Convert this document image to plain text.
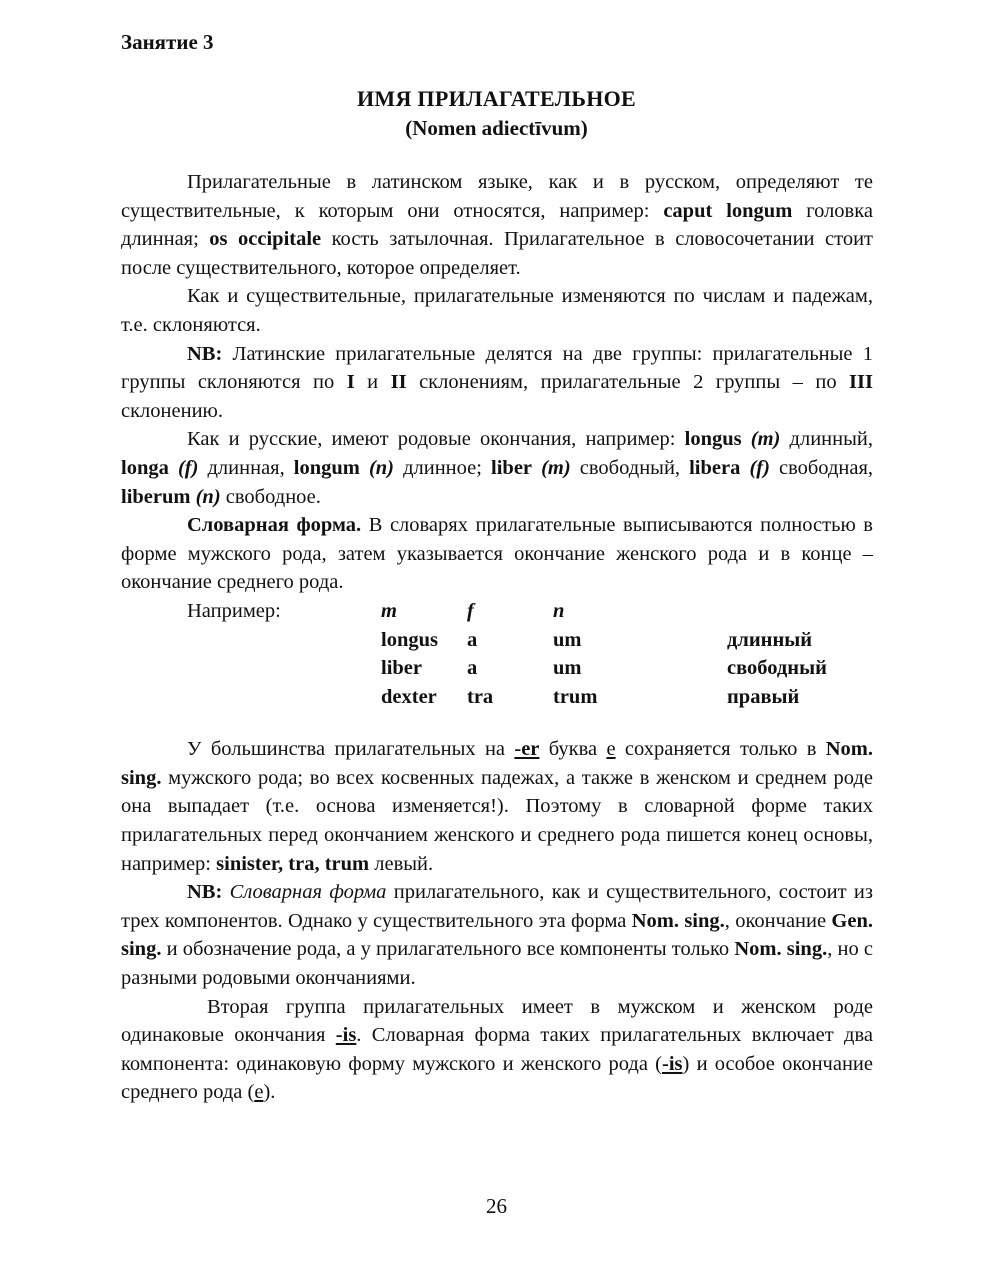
Занятие 3
ИМЯ ПРИЛАГАТЕЛЬНОЕ
(Nomen adiectīvum)

Прилагательные в латинском языке, как и в русском, определяют те существительные, к которым они относятся, например: caput longum головка длинная; os occipitale кость затылочная. Прилагательное в словосочетании стоит после существительного, которое определяет.

Как и существительные, прилагательные изменяются по числам и падежам, т.е. склоняются.

NB: Латинские прилагательные делятся на две группы: прилагательные 1 группы склоняются по I и II склонениям, прилагательные 2 группы – по III склонению.

Как и русские, имеют родовые окончания, например: longus (m) длинный, longa (f) длинная, longum (n) длинное; liber (m) свободный, libera (f) свободная, liberum (n) свободное.

Словарная форма. В словарях прилагательные выписываются полностью в форме мужского рода, затем указывается окончание женского рода и в конце – окончание среднего рода.

Например:	m	f	n
longus	a	um	длинный
liber	a	um	свободный
dexter	tra	trum	правый

У большинства прилагательных на -er буква e сохраняется только в Nom. sing. мужского рода; во всех косвенных падежах, а также в женском и среднем роде она выпадает (т.е. основа изменяется!). Поэтому в словарной форме таких прилагательных перед окончанием женского и среднего рода пишется конец основы, например: sinister, tra, trum левый.

NB: Словарная форма прилагательного, как и существительного, состоит из трех компонентов. Однако у существительного эта форма Nom. sing., окончание Gen. sing. и обозначение рода, а у прилагательного все компоненты только Nom. sing., но с разными родовыми окончаниями.

Вторая группа прилагательных имеет в мужском и женском роде одинаковые окончания -is. Словарная форма таких прилагательных включает два компонента: одинаковую форму мужского и женского рода (-is) и особое окончание среднего рода (e).

26
